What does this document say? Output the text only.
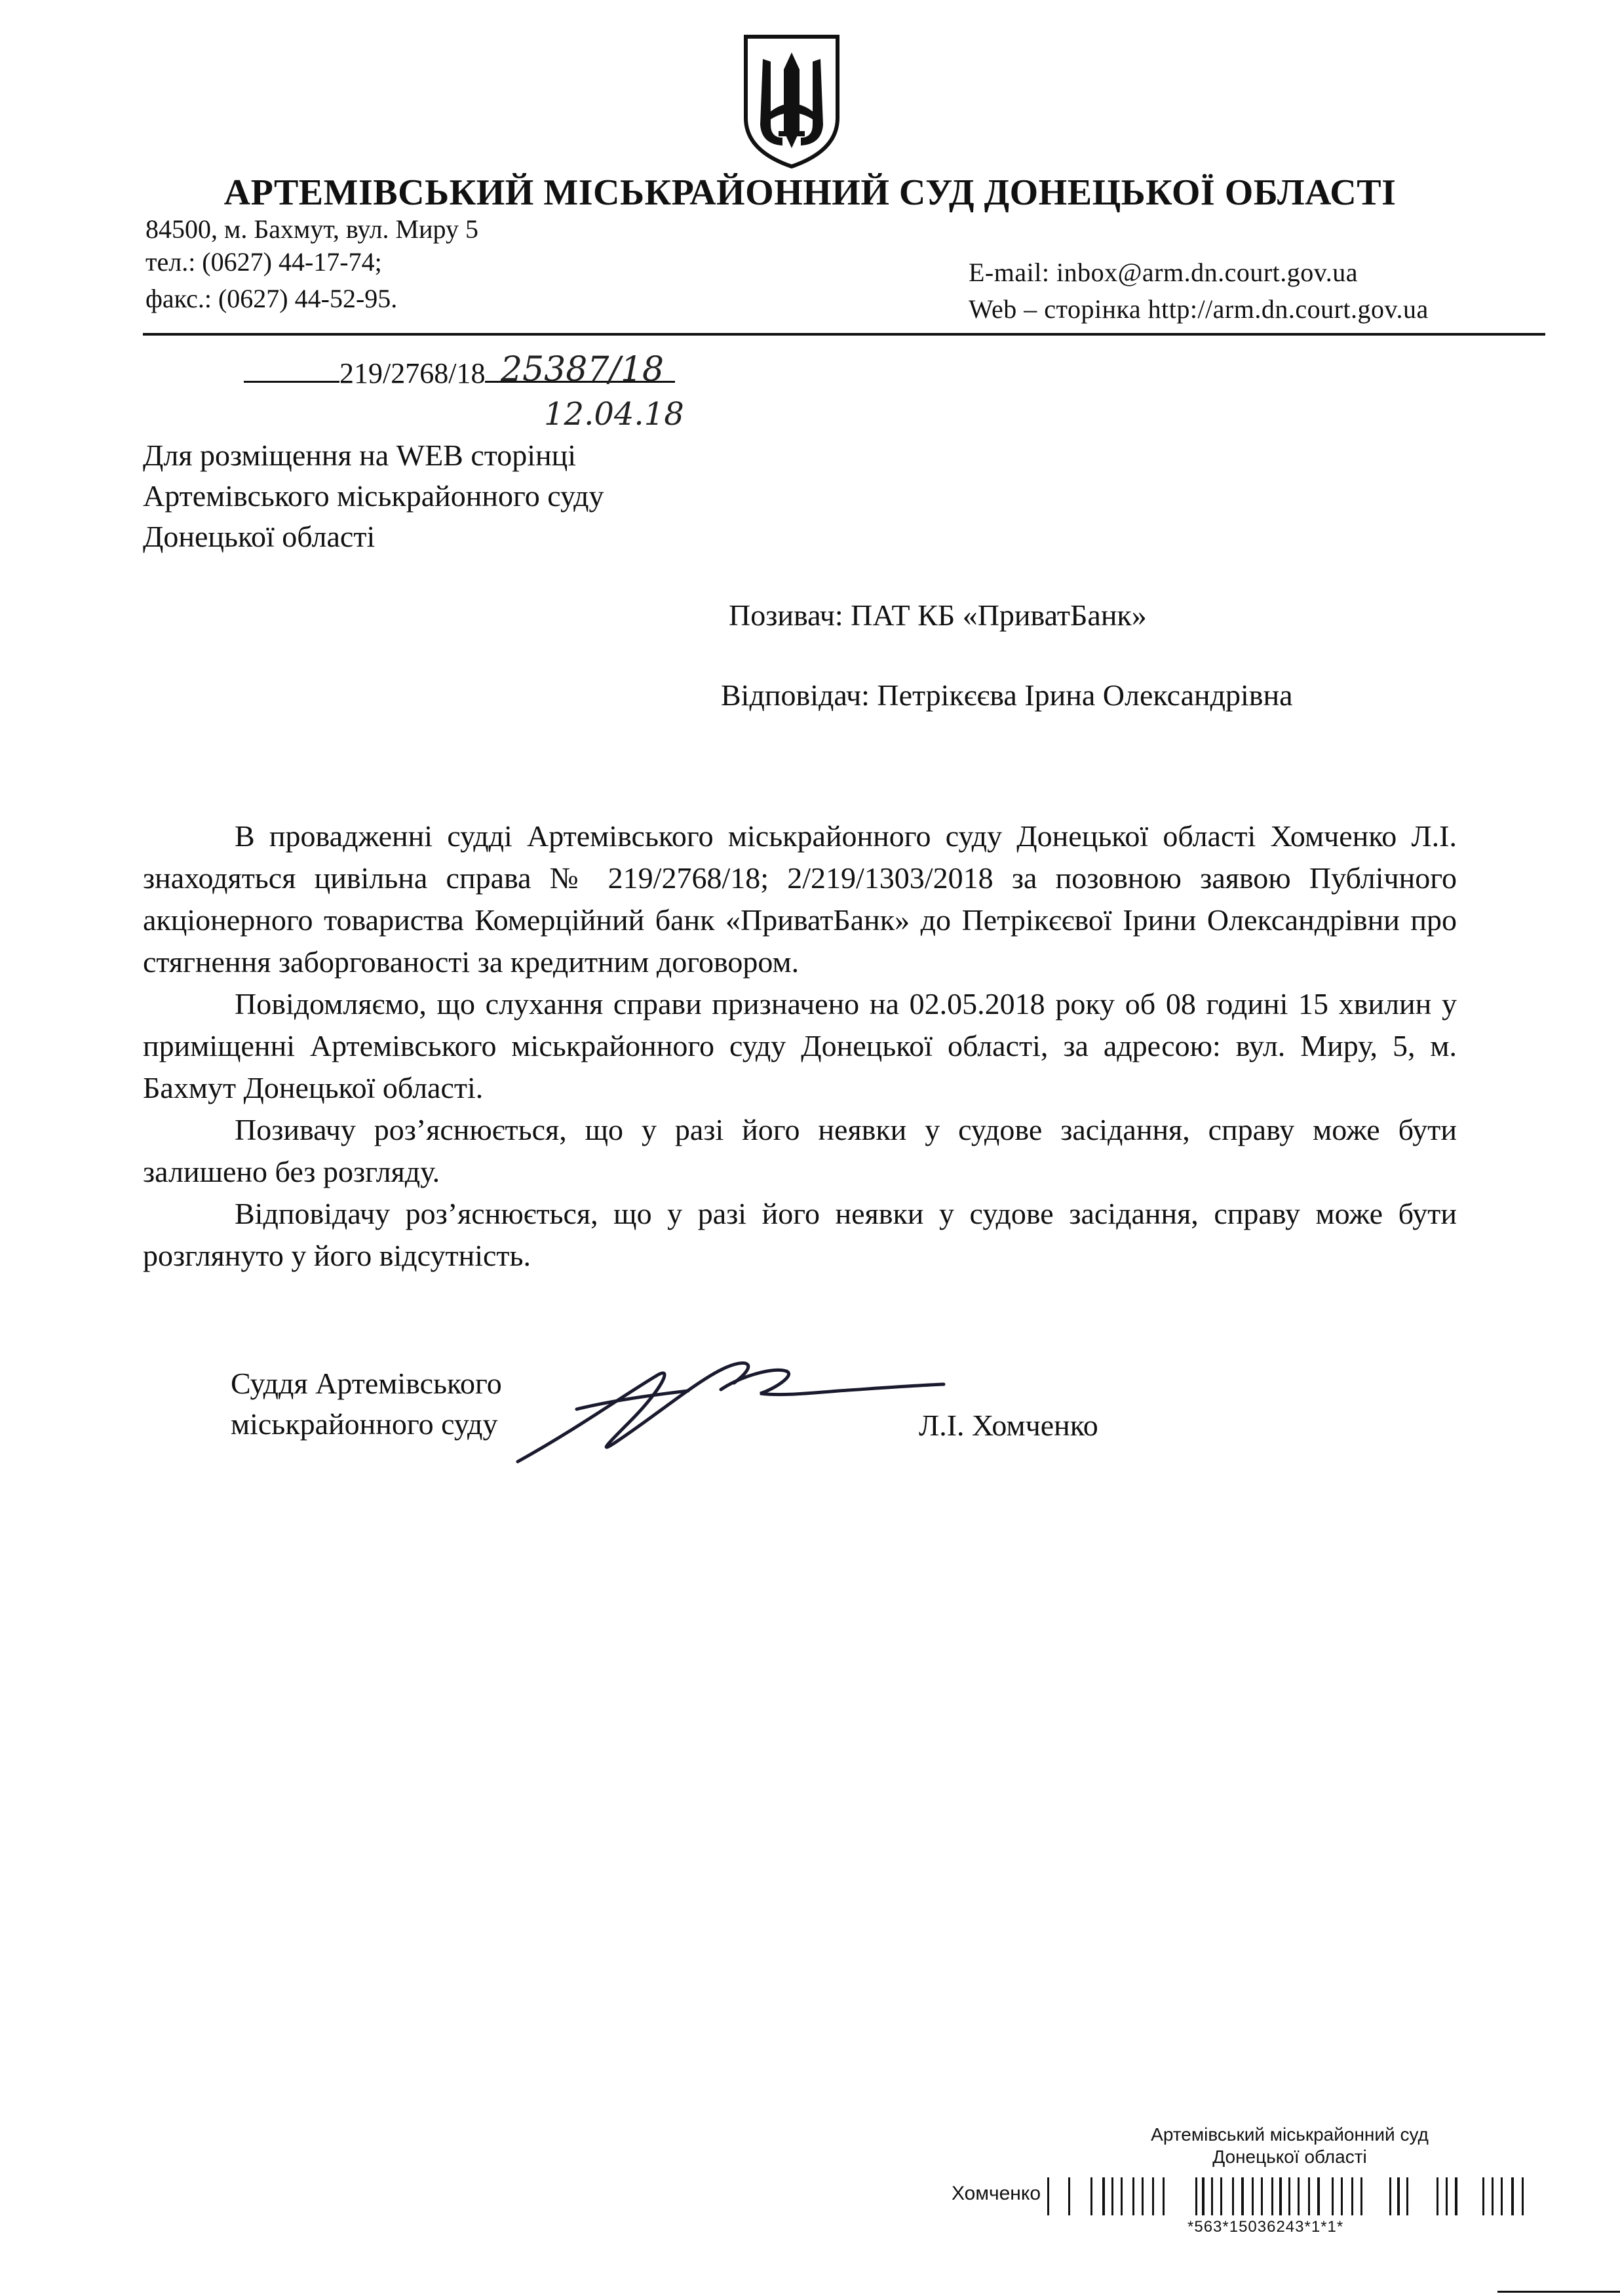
АРТЕМІВСЬКИЙ МІСЬКРАЙОННИЙ СУД ДОНЕЦЬКОЇ ОБЛАСТІ
84500, м. Бахмут, вул. Миру 5
тел.: (0627) 44-17-74;
факс.: (0627) 44-52-95.
E-mail: inbox@arm.dn.court.gov.ua
Web – сторінка http://arm.dn.court.gov.ua
219/2768/18 25387/18
12.04.18
Для розміщення на WEB сторінці
Артемівського міськрайонного суду
Донецької області
Позивач: ПАТ КБ «ПриватБанк»
Відповідач: Петрікєєва Ірина Олександрівна

В провадженні судді Артемівського міськрайонного суду Донецької області Хомченко Л.І. знаходяться цивільна справа № 219/2768/18; 2/219/1303/2018 за позовною заявою Публічного акціонерного товариства Комерційний банк «ПриватБанк» до Петрікєєвої Ірини Олександрівни про стягнення заборгованості за кредитним договором.

Повідомляємо, що слухання справи призначено на 02.05.2018 року об 08 годині 15 хвилин у приміщенні Артемівського міськрайонного суду Донецької області, за адресою: вул. Миру, 5, м. Бахмут Донецької області.

Позивачу роз’яснюється, що у разі його неявки у судове засідання, справу може бути залишено без розгляду.

Відповідачу роз’яснюється, що у разі його неявки у судове засідання, справу може бути розглянуто у його відсутність.

Суддя Артемівського
міськрайонного суду	Л.І. Хомченко
Артемівський міськрайонний суд
Донецької області
Хомченко
*563*15036243*1*1*
